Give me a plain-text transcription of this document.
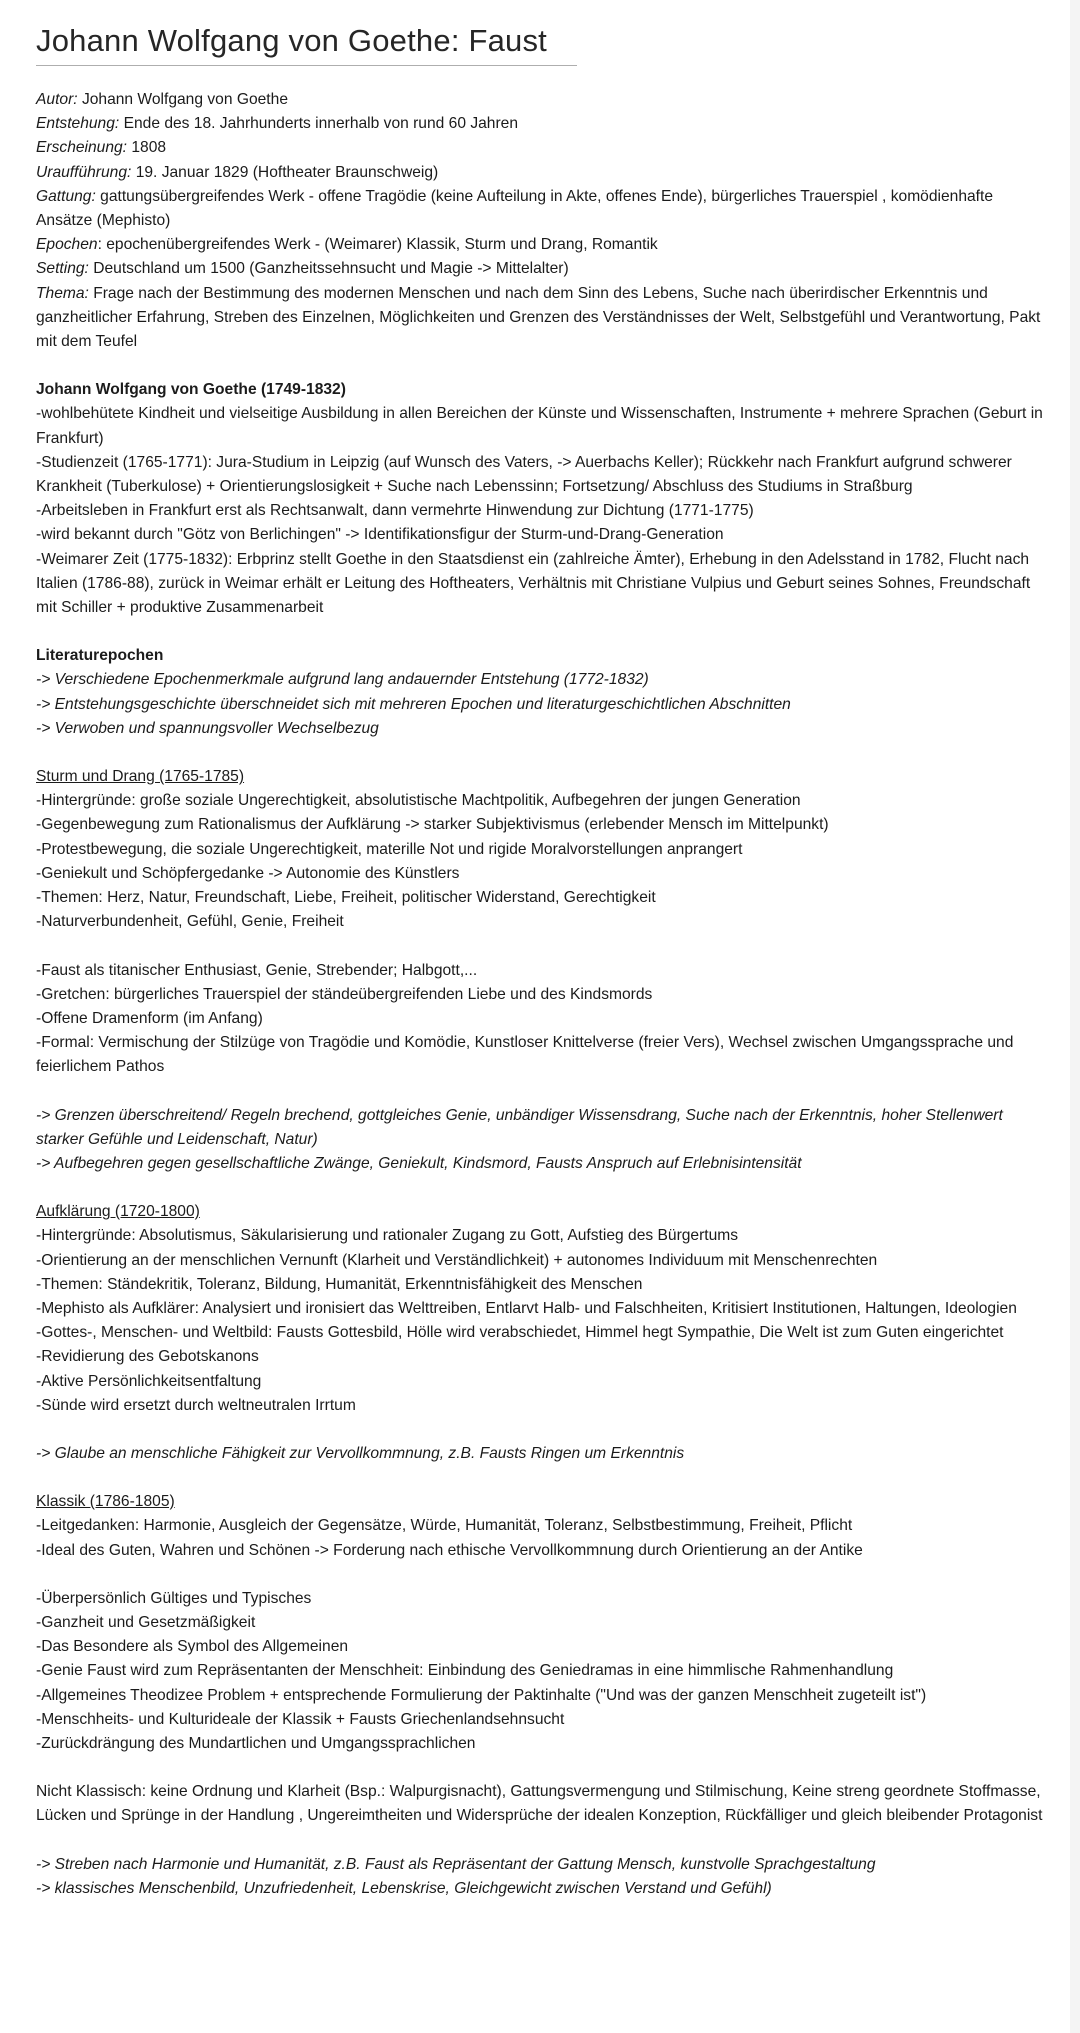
Johann Wolfgang von Goethe: Faust

Autor: Johann Wolfgang von Goethe

Entstehung: Ende des 18. Jahrhunderts innerhalb von rund 60 Jahren

Erscheinung: 1808

Uraufführung: 19. Januar 1829 (Hoftheater Braunschweig)

Gattung: gattungsübergreifendes Werk - offene Tragödie (keine Aufteilung in Akte, offenes Ende), bürgerliches Trauerspiel , komödienhafte Ansätze (Mephisto)

Epochen: epochenübergreifendes Werk - (Weimarer) Klassik, Sturm und Drang, Romantik

Setting: Deutschland um 1500 (Ganzheitssehnsucht und Magie -> Mittelalter)

Thema: Frage nach der Bestimmung des modernen Menschen und nach dem Sinn des Lebens, Suche nach überirdischer Erkenntnis und ganzheitlicher Erfahrung, Streben des Einzelnen, Möglichkeiten und Grenzen des Verständnisses der Welt, Selbstgefühl und Verantwortung, Pakt mit dem Teufel

Johann Wolfgang von Goethe (1749-1832)

-wohlbehütete Kindheit und vielseitige Ausbildung in allen Bereichen der Künste und Wissenschaften, Instrumente + mehrere Sprachen (Geburt in Frankfurt)

-Studienzeit (1765-1771): Jura-Studium in Leipzig (auf Wunsch des Vaters, -> Auerbachs Keller); Rückkehr nach Frankfurt aufgrund schwerer Krankheit (Tuberkulose) + Orientierungslosigkeit + Suche nach Lebenssinn; Fortsetzung/ Abschluss des Studiums in Straßburg

-Arbeitsleben in Frankfurt erst als Rechtsanwalt, dann vermehrte Hinwendung zur Dichtung (1771-1775)

-wird bekannt durch "Götz von Berlichingen" -> Identifikationsfigur der Sturm-und-Drang-Generation

-Weimarer Zeit (1775-1832): Erbprinz stellt Goethe in den Staatsdienst ein (zahlreiche Ämter), Erhebung in den Adelsstand in 1782, Flucht nach Italien (1786-88), zurück in Weimar erhält er Leitung des Hoftheaters, Verhältnis mit Christiane Vulpius und Geburt seines Sohnes, Freundschaft mit Schiller + produktive Zusammenarbeit

Literaturepochen

-> Verschiedene Epochenmerkmale aufgrund lang andauernder Entstehung (1772-1832)

-> Entstehungsgeschichte überschneidet sich mit mehreren Epochen und literaturgeschichtlichen Abschnitten

-> Verwoben und spannungsvoller Wechselbezug

Sturm und Drang (1765-1785)

-Hintergründe: große soziale Ungerechtigkeit, absolutistische Machtpolitik, Aufbegehren der jungen Generation

-Gegenbewegung zum Rationalismus der Aufklärung -> starker Subjektivismus (erlebender Mensch im Mittelpunkt)

-Protestbewegung, die soziale Ungerechtigkeit, materille Not und rigide Moralvorstellungen anprangert

-Geniekult und Schöpfergedanke -> Autonomie des Künstlers

-Themen: Herz, Natur, Freundschaft, Liebe, Freiheit, politischer Widerstand, Gerechtigkeit

-Naturverbundenheit, Gefühl, Genie, Freiheit

-Faust als titanischer Enthusiast, Genie, Strebender; Halbgott,...

-Gretchen: bürgerliches Trauerspiel der ständeübergreifenden Liebe und des Kindsmords

-Offene Dramenform (im Anfang)

-Formal: Vermischung der Stilzüge von Tragödie und Komödie, Kunstloser Knittelverse (freier Vers), Wechsel zwischen Umgangssprache und feierlichem Pathos

-> Grenzen überschreitend/ Regeln brechend, gottgleiches Genie, unbändiger Wissensdrang, Suche nach der Erkenntnis, hoher Stellenwert starker Gefühle und Leidenschaft, Natur)

-> Aufbegehren gegen gesellschaftliche Zwänge, Geniekult, Kindsmord, Fausts Anspruch auf Erlebnisintensität

Aufklärung (1720-1800)

-Hintergründe: Absolutismus, Säkularisierung und rationaler Zugang zu Gott, Aufstieg des Bürgertums

-Orientierung an der menschlichen Vernunft (Klarheit und Verständlichkeit) + autonomes Individuum mit Menschenrechten

-Themen: Ständekritik, Toleranz, Bildung, Humanität, Erkenntnisfähigkeit des Menschen

-Mephisto als Aufklärer: Analysiert und ironisiert das Welttreiben, Entlarvt Halb- und Falschheiten, Kritisiert Institutionen, Haltungen, Ideologien

-Gottes-, Menschen- und Weltbild: Fausts Gottesbild, Hölle wird verabschiedet, Himmel hegt Sympathie, Die Welt ist zum Guten eingerichtet

-Revidierung des Gebotskanons

-Aktive Persönlichkeitsentfaltung

-Sünde wird ersetzt durch weltneutralen Irrtum

-> Glaube an menschliche Fähigkeit zur Vervollkommnung, z.B. Fausts Ringen um Erkenntnis

Klassik (1786-1805)

-Leitgedanken: Harmonie, Ausgleich der Gegensätze, Würde, Humanität, Toleranz, Selbstbestimmung, Freiheit, Pflicht

-Ideal des Guten, Wahren und Schönen -> Forderung nach ethische Vervollkommnung durch Orientierung an der Antike

-Überpersönlich Gültiges und Typisches

-Ganzheit und Gesetzmäßigkeit

-Das Besondere als Symbol des Allgemeinen

-Genie Faust wird zum Repräsentanten der Menschheit: Einbindung des Geniedramas in eine himmlische Rahmenhandlung

-Allgemeines Theodizee Problem + entsprechende Formulierung der Paktinhalte ("Und was der ganzen Menschheit zugeteilt ist")

-Menschheits- und Kulturideale der Klassik + Fausts Griechenlandsehnsucht

-Zurückdrängung des Mundartlichen und Umgangssprachlichen

Nicht Klassisch: keine Ordnung und Klarheit (Bsp.: Walpurgisnacht), Gattungsvermengung und Stilmischung, Keine streng geordnete Stoffmasse, Lücken und Sprünge in der Handlung , Ungereimtheiten und Widersprüche der idealen Konzeption, Rückfälliger und gleich bleibender Protagonist

-> Streben nach Harmonie und Humanität, z.B. Faust als Repräsentant der Gattung Mensch, kunstvolle Sprachgestaltung

-> klassisches Menschenbild, Unzufriedenheit, Lebenskrise, Gleichgewicht zwischen Verstand und Gefühl)
